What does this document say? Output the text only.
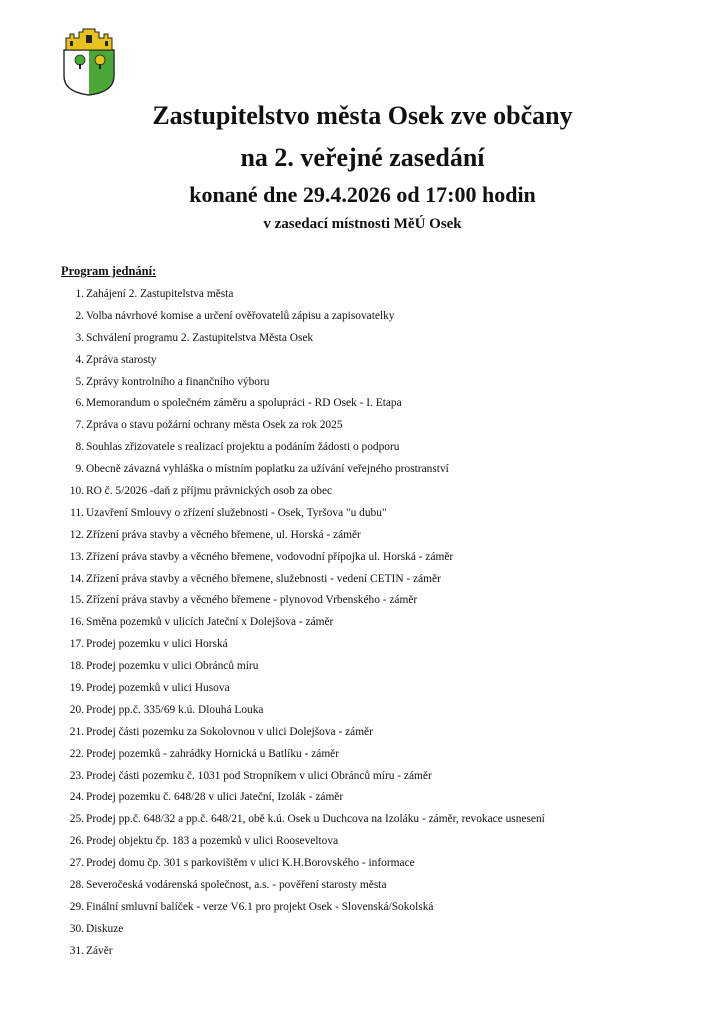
Zastupitelstvo města Osek zve občany
na 2. veřejné zasedání
konané dne 29.4.2026 od 17:00 hodin
v zasedací místnosti MěÚ Osek
Program jednání:
1. Zahájení 2. Zastupitelstva města
2. Volba návrhové komise a určení ověřovatelů zápisu a zapisovatelky
3. Schválení programu 2. Zastupitelstva Města Osek
4. Zpráva starosty
5. Zprávy kontrolního a finančního výboru
6. Memorandum o společném záměru a spolupráci - RD Osek - I. Etapa
7. Zpráva o stavu požární ochrany města Osek za rok 2025
8. Souhlas zřizovatele s realizací projektu a podáním žádosti o podporu
9. Obecně závazná vyhláška o místním poplatku za užívání veřejného prostranství
10. RO č. 5/2026 -daň z příjmu právnických osob za obec
11. Uzavření Smlouvy o zřízení služebnosti - Osek, Tyršova "u dubu"
12. Zřízení práva stavby a věcného břemene, ul. Horská - záměr
13. Zřízení práva stavby a věcného břemene, vodovodní přípojka ul. Horská - záměr
14. Zřízení práva stavby a věcného břemene, služebnosti - vedení CETIN - záměr
15. Zřízení práva stavby a věcného břemene - plynovod Vrbenského - záměr
16. Směna pozemků v ulicích Jateční x Dolejšova - záměr
17. Prodej pozemku v ulici Horská
18. Prodej pozemku v ulici Obránců míru
19. Prodej pozemků v ulici Husova
20. Prodej pp.č. 335/69 k.ú. Dlouhá Louka
21. Prodej části pozemku za Sokolovnou v ulici Dolejšova - záměr
22. Prodej pozemků - zahrádky Hornická u Batlíku - záměr
23. Prodej části pozemku č. 1031 pod Stropníkem v ulici Obránců míru - záměr
24. Prodej pozemku č. 648/28 v ulici Jateční, Izolák - záměr
25. Prodej pp.č. 648/32 a pp.č. 648/21, obě k.ú. Osek u Duchcova na Izoláku - záměr, revokace usnesení
26. Prodej objektu čp. 183 a pozemků v ulici Rooseveltova
27. Prodej domu čp. 301 s parkovištěm v ulici K.H.Borovského - informace
28. Severočeská vodárenská společnost, a.s. - pověření starosty města
29. Finální smluvní balíček - verze V6.1 pro projekt Osek - Slovenská/Sokolská
30. Diskuze
31. Závěr
